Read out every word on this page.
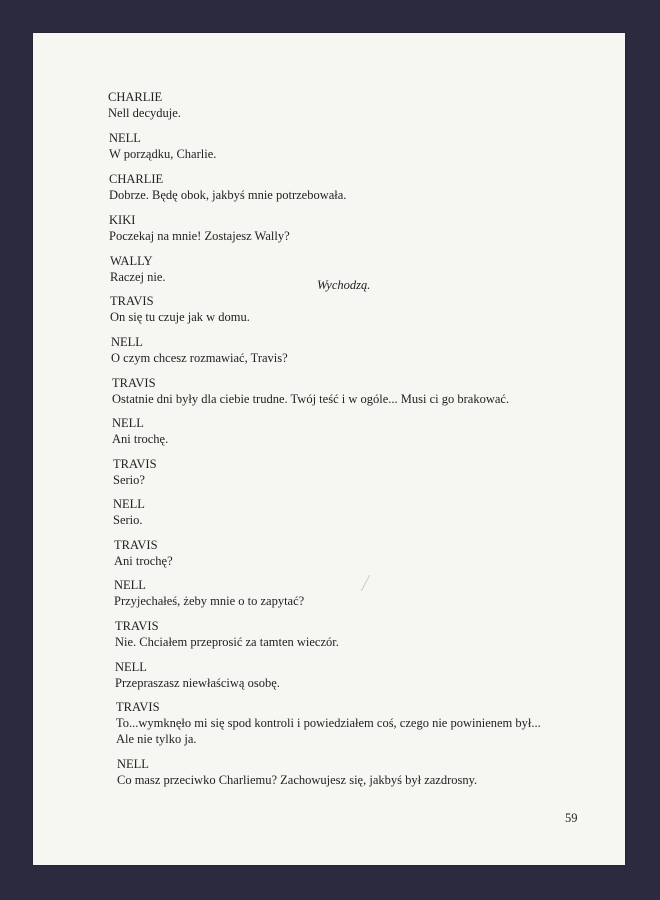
CHARLIE
Nell decyduje.
NELL
W porządku, Charlie.
CHARLIE
Dobrze. Będę obok, jakbyś mnie potrzebowała.
KIKI
Poczekaj na mnie! Zostajesz Wally?
WALLY
Raczej nie.
Wychodzą.
TRAVIS
On się tu czuje jak w domu.
NELL
O czym chcesz rozmawiać, Travis?
TRAVIS
Ostatnie dni były dla ciebie trudne. Twój teść i w ogóle... Musi ci go brakować.
NELL
Ani trochę.
TRAVIS
Serio?
NELL
Serio.
TRAVIS
Ani trochę?
NELL
Przyjechałeś, żeby mnie o to zapytać?
TRAVIS
Nie. Chciałem przeprosić za tamten wieczór.
NELL
Przepraszasz niewłaściwą osobę.
TRAVIS
To...wymknęło mi się spod kontroli i powiedziałem coś, czego nie powinienem był...
Ale nie tylko ja.
NELL
Co masz przeciwko Charliemu? Zachowujesz się, jakbyś był zazdrosny.
59
